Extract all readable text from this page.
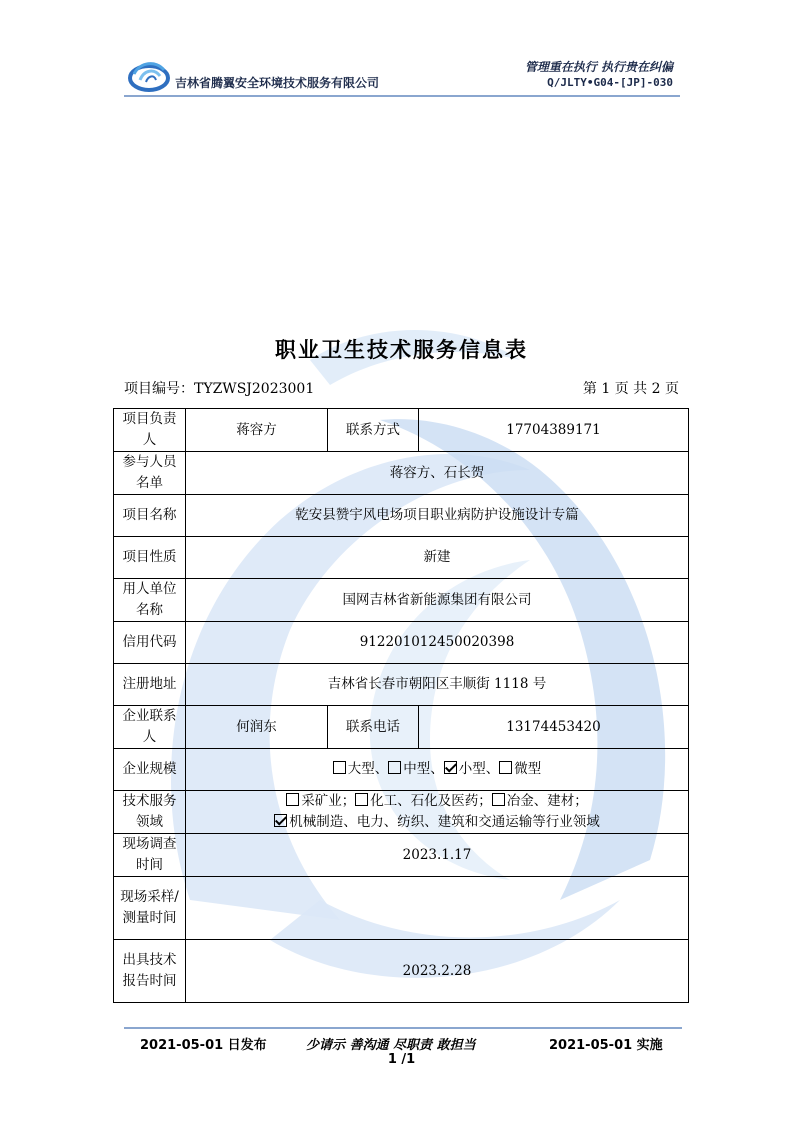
吉林省腾翼安全环境技术服务有限公司
管理重在执行 执行贵在纠偏
Q/JLTY•G04-[JP]-030
职业卫生技术服务信息表
项目编号：TYZWSJ2023001	第 1 页 共 2 页
项目负责人	蒋容方	联系方式	17704389171
参与人员名单	蒋容方、石长贺		
项目名称	乾安县赞宇风电场项目职业病防护设施设计专篇		
项目性质	新建		
用人单位名称	国网吉林省新能源集团有限公司		
信用代码	912201012450020398		
注册地址	吉林省长春市朝阳区丰顺街 1118 号		
企业联系人	何润东	联系电话	13174453420
企业规模	大型、 中型、 小型、 微型		
技术服务领域	采矿业； 化工、石化及医药； 冶金、建材；
机械制造、电力、纺织、建筑和交通运输等行业领域		

现场调查时间	2023.1.17		
现场采样/测量时间			
出具技术报告时间	2023.2.28		
2021-05-01 日发布	少请示 善沟通 尽职责 敢担当	2021-05-01 实施
1 /1
